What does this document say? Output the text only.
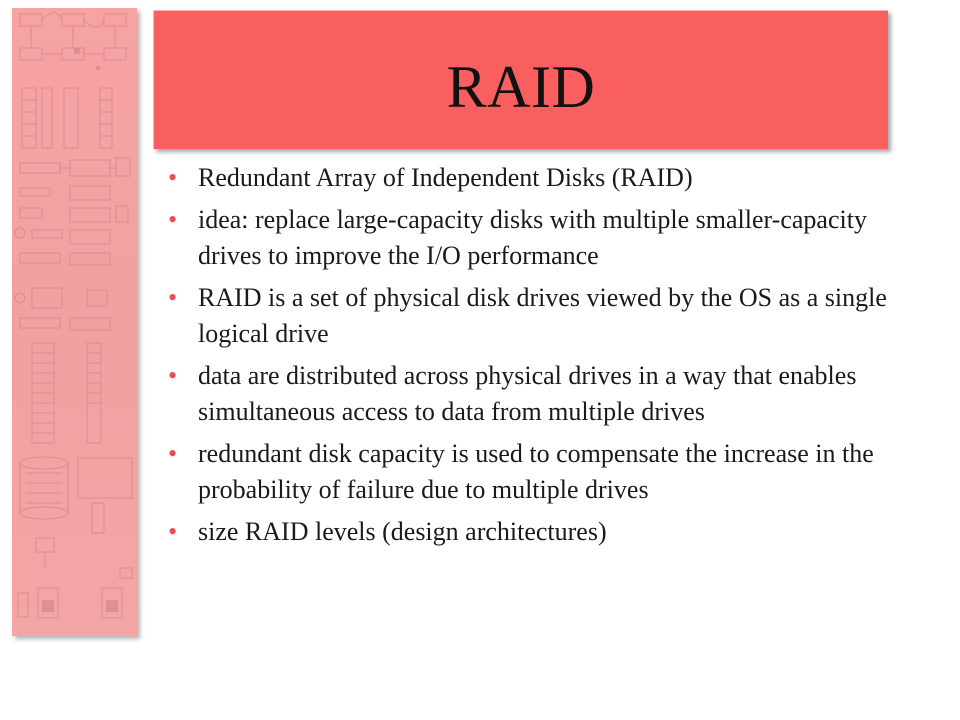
RAID
• Redundant Array of Independent Disks (RAID)
• idea: replace large-capacity disks with multiple smaller-capacity drives to improve the I/O performance
• RAID is a set of physical disk drives viewed by the OS as a single logical drive
• data are distributed across physical drives in a way that enables simultaneous access to data from multiple drives
• redundant disk capacity is used to compensate the increase in the probability of failure due to multiple drives
• size RAID levels (design architectures)
